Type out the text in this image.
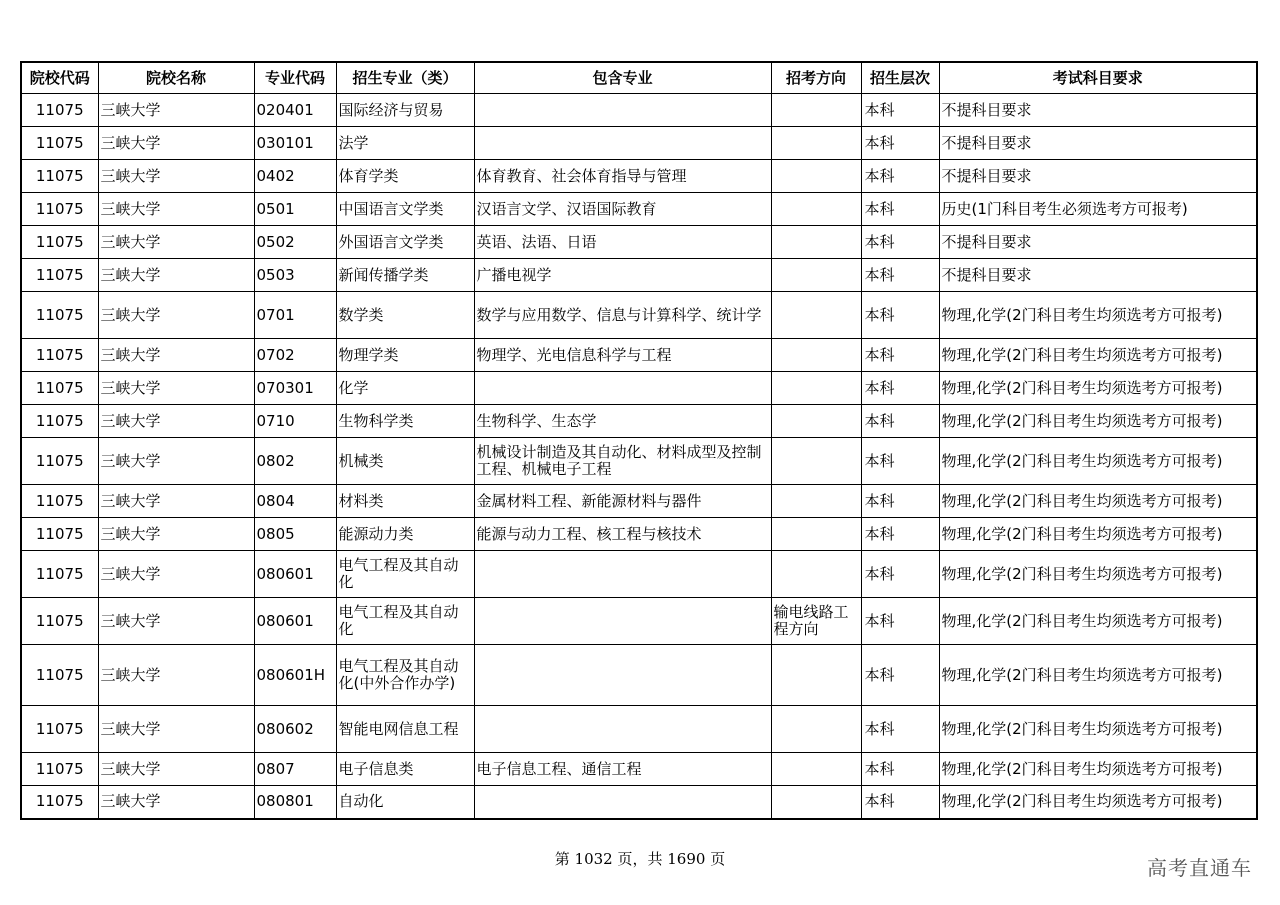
院校代码	院校名称	专业代码	招生专业（类）	包含专业	招考方向	招生层次	考试科目要求
11075	三峡大学	020401	国际经济与贸易			本科	不提科目要求
11075	三峡大学	030101	法学			本科	不提科目要求
11075	三峡大学	0402	体育学类	体育教育、社会体育指导与管理		本科	不提科目要求
11075	三峡大学	0501	中国语言文学类	汉语言文学、汉语国际教育		本科	历史(1门科目考生必须选考方可报考)
11075	三峡大学	0502	外国语言文学类	英语、法语、日语		本科	不提科目要求
11075	三峡大学	0503	新闻传播学类	广播电视学		本科	不提科目要求
11075	三峡大学	0701	数学类	数学与应用数学、信息与计算科学、统计学		本科	物理,化学(2门科目考生均须选考方可报考)
11075	三峡大学	0702	物理学类	物理学、光电信息科学与工程		本科	物理,化学(2门科目考生均须选考方可报考)
11075	三峡大学	070301	化学			本科	物理,化学(2门科目考生均须选考方可报考)
11075	三峡大学	0710	生物科学类	生物科学、生态学		本科	物理,化学(2门科目考生均须选考方可报考)
11075	三峡大学	0802	机械类	机械设计制造及其自动化、材料成型及控制工程、机械电子工程		本科	物理,化学(2门科目考生均须选考方可报考)
11075	三峡大学	0804	材料类	金属材料工程、新能源材料与器件		本科	物理,化学(2门科目考生均须选考方可报考)
11075	三峡大学	0805	能源动力类	能源与动力工程、核工程与核技术		本科	物理,化学(2门科目考生均须选考方可报考)
11075	三峡大学	080601	电气工程及其自动化			本科	物理,化学(2门科目考生均须选考方可报考)
11075	三峡大学	080601	电气工程及其自动化		输电线路工程方向	本科	物理,化学(2门科目考生均须选考方可报考)
11075	三峡大学	080601H	电气工程及其自动化(中外合作办学)			本科	物理,化学(2门科目考生均须选考方可报考)
11075	三峡大学	080602	智能电网信息工程			本科	物理,化学(2门科目考生均须选考方可报考)
11075	三峡大学	0807	电子信息类	电子信息工程、通信工程		本科	物理,化学(2门科目考生均须选考方可报考)
11075	三峡大学	080801	自动化			本科	物理,化学(2门科目考生均须选考方可报考)
第 1032 页，共 1690 页	高考直通车
